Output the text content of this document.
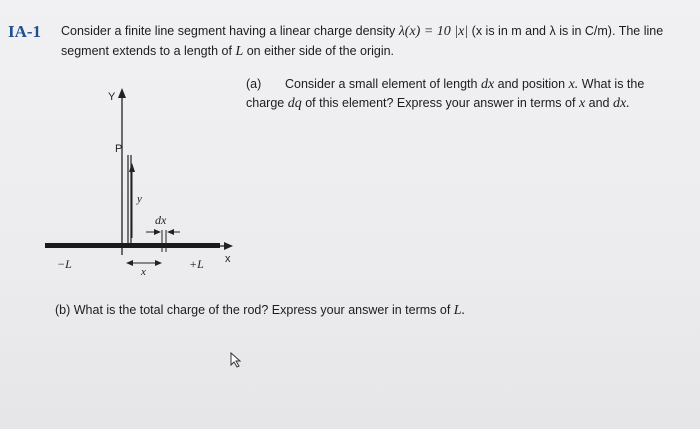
IA-1 Consider a finite line segment having a linear charge density λ(x) = 10 |x| (x is in m and λ is in C/m). The line
segment extends to a length of L on either side of the origin.
(a) Consider a small element of length dx and position x. What is the
charge dq of this element? Express your answer in terms of x and dx.
Y
x
P
y
dx
x
−L	+L
(b) What is the total charge of the rod? Express your answer in terms of L.
